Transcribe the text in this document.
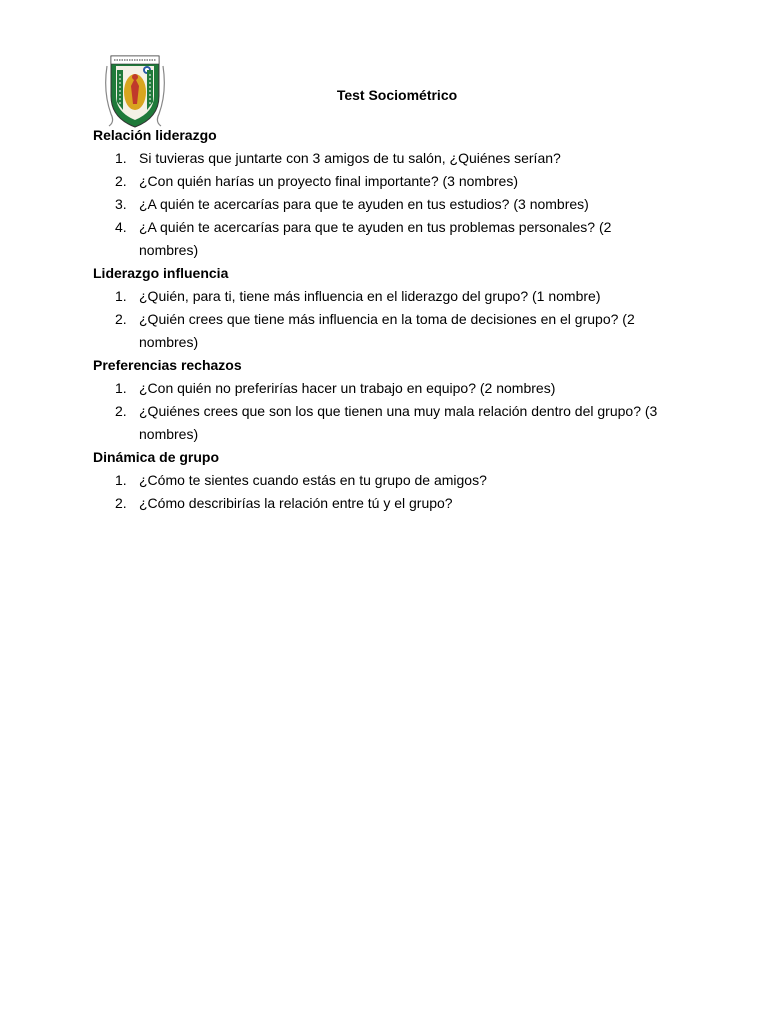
Test Sociométrico

Relación liderazgo

1. Si tuvieras que juntarte con 3 amigos de tu salón, ¿Quiénes serían?
2. ¿Con quién harías un proyecto final importante? (3 nombres)
3. ¿A quién te acercarías para que te ayuden en tus estudios? (3 nombres)
4. ¿A quién te acercarías para que te ayuden en tus problemas personales? (2 nombres)

Liderazgo influencia

1. ¿Quién, para ti, tiene más influencia en el liderazgo del grupo? (1 nombre)
2. ¿Quién crees que tiene más influencia en la toma de decisiones en el grupo? (2 nombres)

Preferencias rechazos

1. ¿Con quién no preferirías hacer un trabajo en equipo? (2 nombres)
2. ¿Quiénes crees que son los que tienen una muy mala relación dentro del grupo? (3 nombres)

Dinámica de grupo

1. ¿Cómo te sientes cuando estás en tu grupo de amigos?
2. ¿Cómo describirías la relación entre tú y el grupo?
